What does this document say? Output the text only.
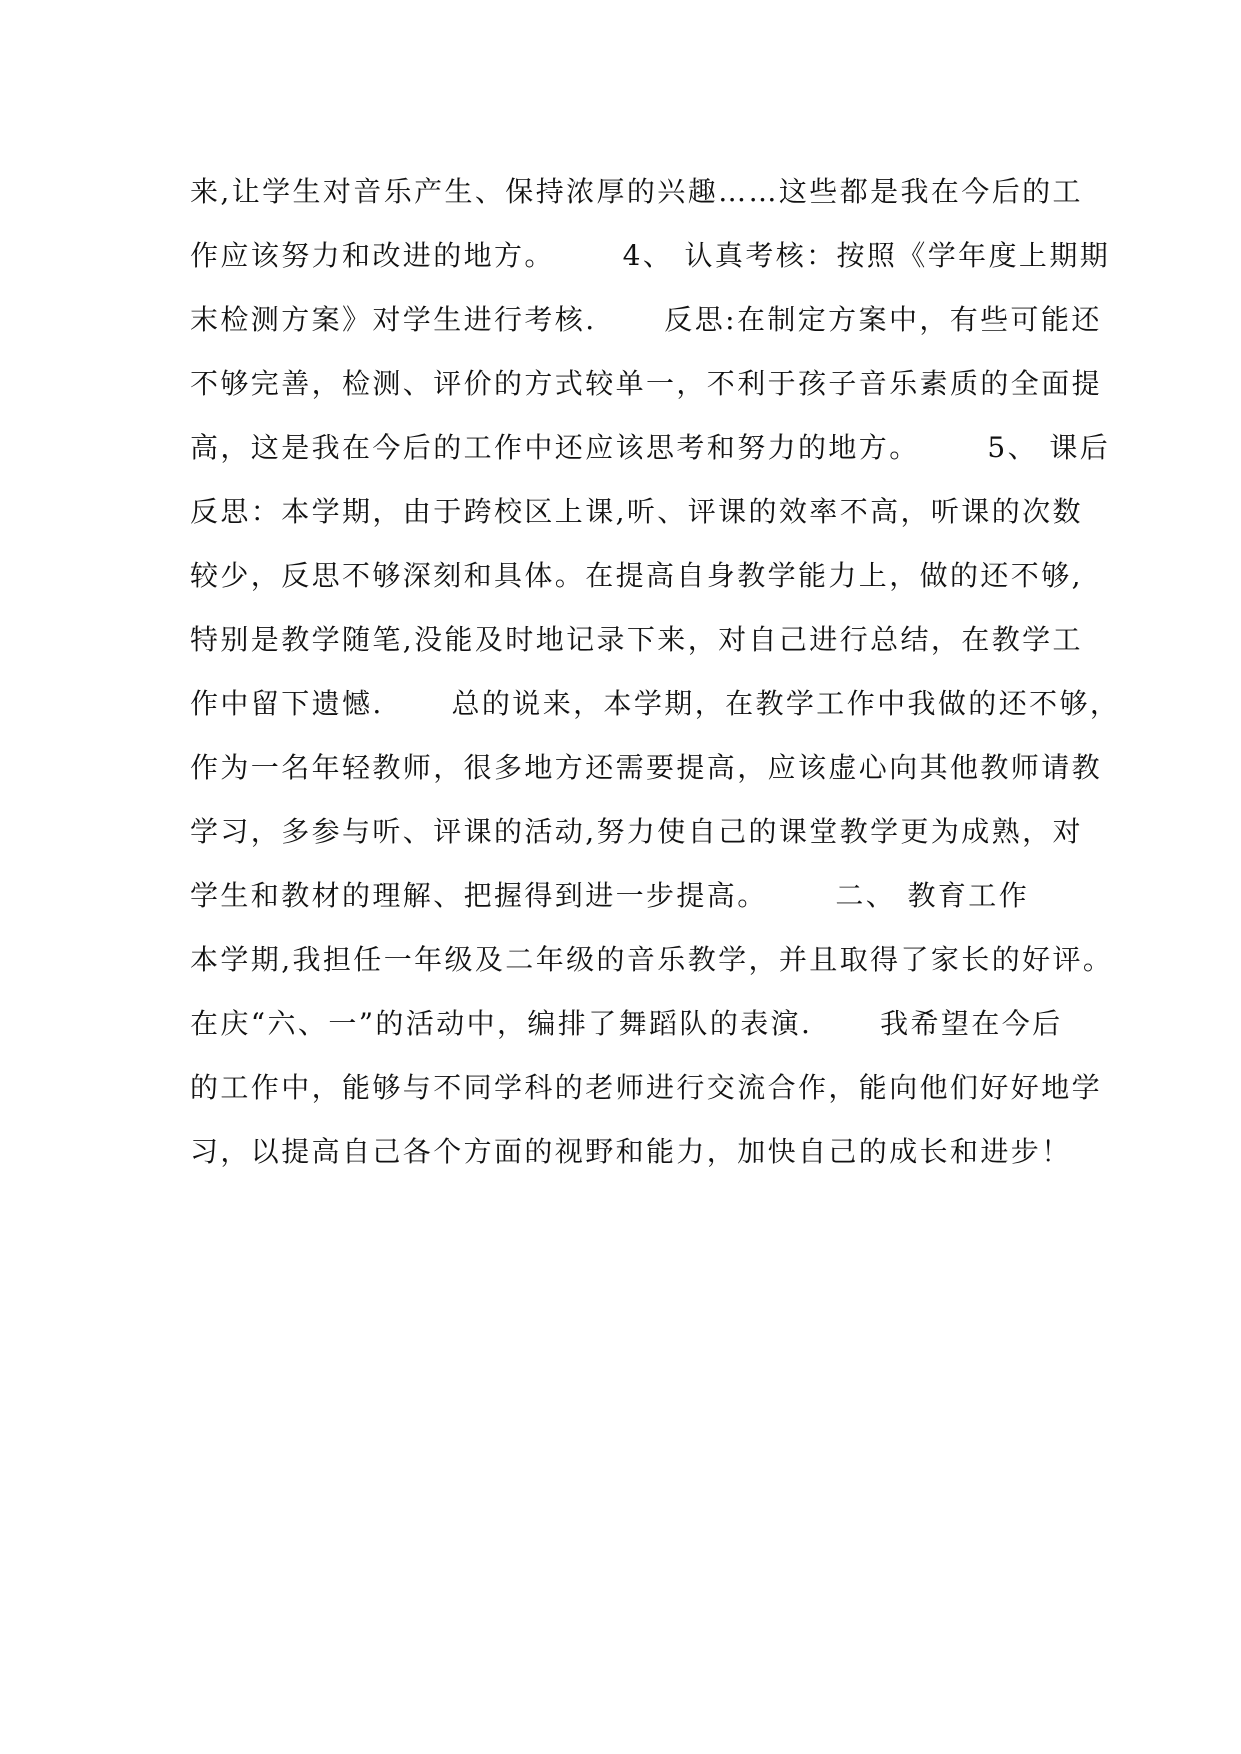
来,让学生对音乐产生、保持浓厚的兴趣……这些都是我在今后的工
作应该努力和改进的地方。      4、 认真考核：按照《学年度上期期
末检测方案》对学生进行考核.      反思:在制定方案中，有些可能还
不够完善，检测、评价的方式较单一，不利于孩子音乐素质的全面提
高，这是我在今后的工作中还应该思考和努力的地方。      5、 课后
反思：本学期，由于跨校区上课,听、评课的效率不高，听课的次数
较少，反思不够深刻和具体。在提高自身教学能力上，做的还不够,
特别是教学随笔,没能及时地记录下来，对自己进行总结，在教学工
作中留下遗憾.      总的说来，本学期，在教学工作中我做的还不够，
作为一名年轻教师，很多地方还需要提高，应该虚心向其他教师请教
学习，多参与听、评课的活动,努力使自己的课堂教学更为成熟，对
学生和教材的理解、把握得到进一步提高。      二、 教育工作
本学期,我担任一年级及二年级的音乐教学，并且取得了家长的好评。
在庆“六、一”的活动中，编排了舞蹈队的表演.      我希望在今后
的工作中，能够与不同学科的老师进行交流合作，能向他们好好地学
习，以提高自己各个方面的视野和能力，加快自己的成长和进步！
